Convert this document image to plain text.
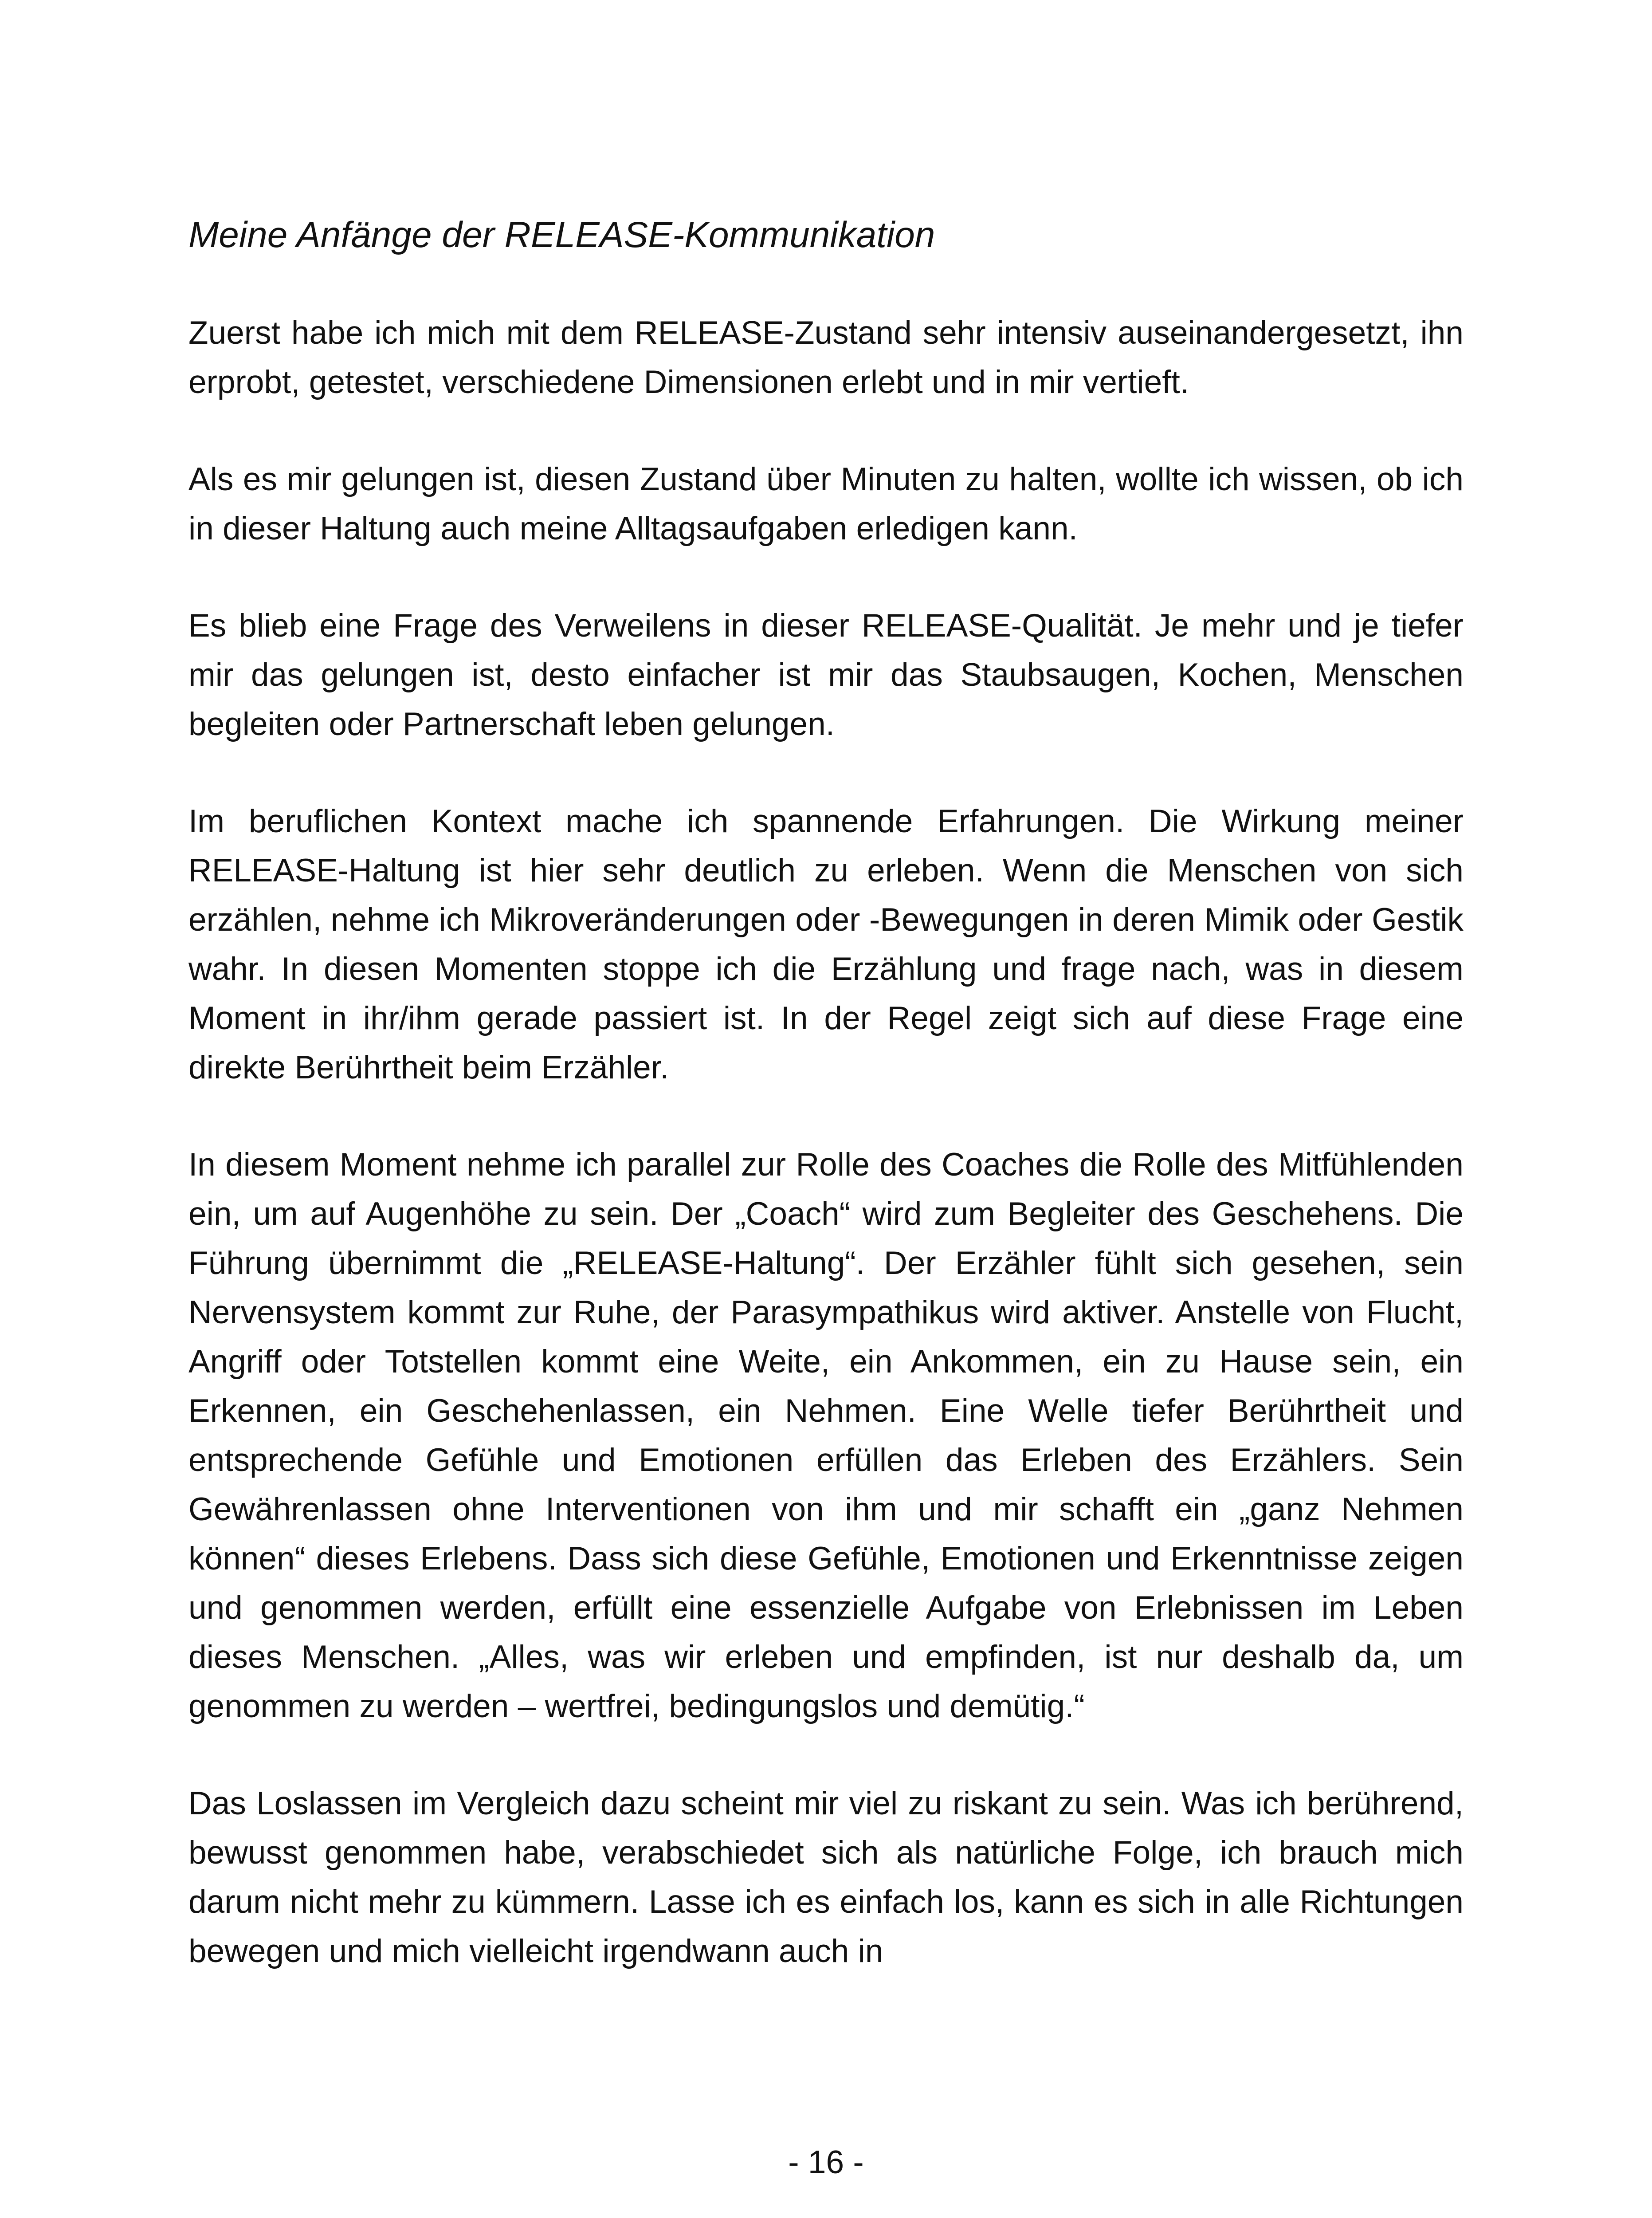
Meine Anfänge der RELEASE-Kommunikation

Zuerst habe ich mich mit dem RELEASE-Zustand sehr intensiv auseinandergesetzt, ihn erprobt, getestet, verschiedene Dimensionen erlebt und in mir vertieft.

Als es mir gelungen ist, diesen Zustand über Minuten zu halten, wollte ich wissen, ob ich in dieser Haltung auch meine Alltagsaufgaben erledigen kann.

Es blieb eine Frage des Verweilens in dieser RELEASE-Qualität. Je mehr und je tiefer mir das gelungen ist, desto einfacher ist mir das Staubsaugen, Kochen, Menschen begleiten oder Partnerschaft leben gelungen.

Im beruflichen Kontext mache ich spannende Erfahrungen. Die Wirkung meiner RELEASE-Haltung ist hier sehr deutlich zu erleben. Wenn die Menschen von sich erzählen, nehme ich Mikroveränderungen oder -Bewegungen in deren Mimik oder Gestik wahr. In diesen Momenten stoppe ich die Erzählung und frage nach, was in diesem Moment in ihr/ihm gerade passiert ist. In der Regel zeigt sich auf diese Frage eine direkte Berührtheit beim Erzähler.

In diesem Moment nehme ich parallel zur Rolle des Coaches die Rolle des Mitfühlenden ein, um auf Augenhöhe zu sein. Der „Coach“ wird zum Begleiter des Geschehens. Die Führung übernimmt die „RELEASE-Haltung“. Der Erzähler fühlt sich gesehen, sein Nervensystem kommt zur Ruhe, der Parasympathikus wird aktiver. Anstelle von Flucht, Angriff oder Totstellen kommt eine Weite, ein Ankommen, ein zu Hause sein, ein Erkennen, ein Geschehenlassen, ein Nehmen. Eine Welle tiefer Berührtheit und entsprechende Gefühle und Emotionen erfüllen das Erleben des Erzählers. Sein Gewährenlassen ohne Interventionen von ihm und mir schafft ein „ganz Nehmen können“ dieses Erlebens. Dass sich diese Gefühle, Emotionen und Erkenntnisse zeigen und genommen werden, erfüllt eine essenzielle Aufgabe von Erlebnissen im Leben dieses Menschen. „Alles, was wir erleben und empfinden, ist nur deshalb da, um genommen zu werden – wertfrei, bedingungslos und demütig.“

Das Loslassen im Vergleich dazu scheint mir viel zu riskant zu sein. Was ich berührend, bewusst genommen habe, verabschiedet sich als natürliche Folge, ich brauch mich darum nicht mehr zu kümmern. Lasse ich es einfach los, kann es sich in alle Richtungen bewegen und mich vielleicht irgendwann auch in

- 16 -
